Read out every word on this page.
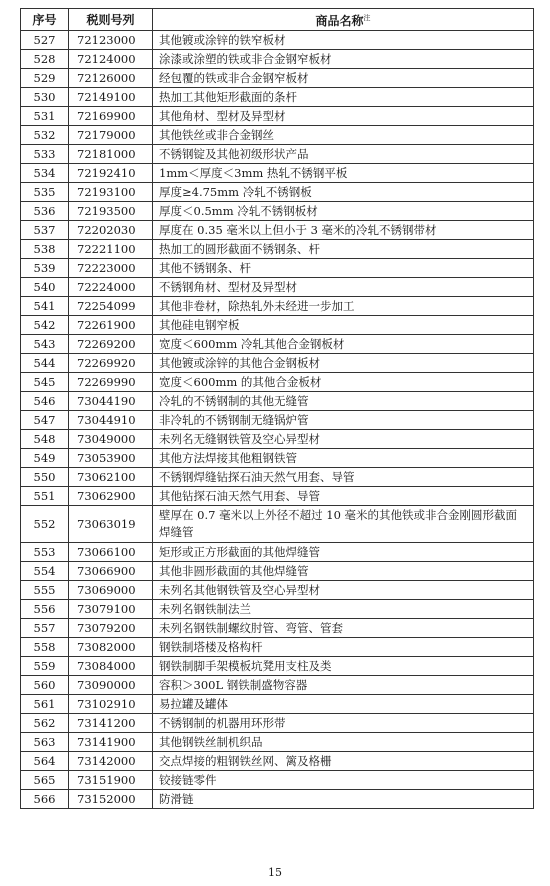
序号	税则号列	商品名称$^注$
527	72123000	其他镀或涂锌的铁窄板材
528	72124000	涂漆或涂塑的铁或非合金钢窄板材
529	72126000	经包覆的铁或非合金钢窄板材
530	72149100	热加工其他矩形截面的条杆
531	72169900	其他角材、型材及异型材
532	72179000	其他铁丝或非合金钢丝
533	72181000	不锈钢锭及其他初级形状产品
534	72192410	1mm＜厚度＜3mm 热轧不锈钢平板
535	72193100	厚度≥4.75mm 冷轧不锈钢板
536	72193500	厚度＜0.5mm 冷轧不锈钢板材
537	72202030	厚度在 0.35 毫米以上但小于 3 毫米的冷轧不锈钢带材
538	72221100	热加工的圆形截面不锈钢条、杆
539	72223000	其他不锈钢条、杆
540	72224000	不锈钢角材、型材及异型材
541	72254099	其他非卷材，除热轧外未经进一步加工
542	72261900	其他硅电钢窄板
543	72269200	宽度＜600mm 冷轧其他合金钢板材
544	72269920	其他镀或涂锌的其他合金钢板材
545	72269990	宽度＜600mm 的其他合金板材
546	73044190	冷轧的不锈钢制的其他无缝管
547	73044910	非冷轧的不锈钢制无缝锅炉管
548	73049000	未列名无缝钢铁管及空心异型材
549	73053900	其他方法焊接其他粗钢铁管
550	73062100	不锈钢焊缝钻探石油天然气用套、导管
551	73062900	其他钻探石油天然气用套、导管
552	73063019	壁厚在 0.7 毫米以上外径不超过 10 毫米的其他铁或非合金刚圆形截面焊缝管
553	73066100	矩形或正方形截面的其他焊缝管
554	73066900	其他非圆形截面的其他焊缝管
555	73069000	未列名其他钢铁管及空心异型材
556	73079100	未列名钢铁制法兰
557	73079200	未列名钢铁制螺纹肘管、弯管、管套
558	73082000	钢铁制塔楼及格构杆
559	73084000	钢铁制脚手架模板坑凳用支柱及类
560	73090000	容积＞300L 钢铁制盛物容器
561	73102910	易拉罐及罐体
562	73141200	不锈钢制的机器用环形带
563	73141900	其他钢铁丝制机织品
564	73142000	交点焊接的粗钢铁丝网、篱及格栅
565	73151900	铰接链零件
566	73152000	防滑链
15
